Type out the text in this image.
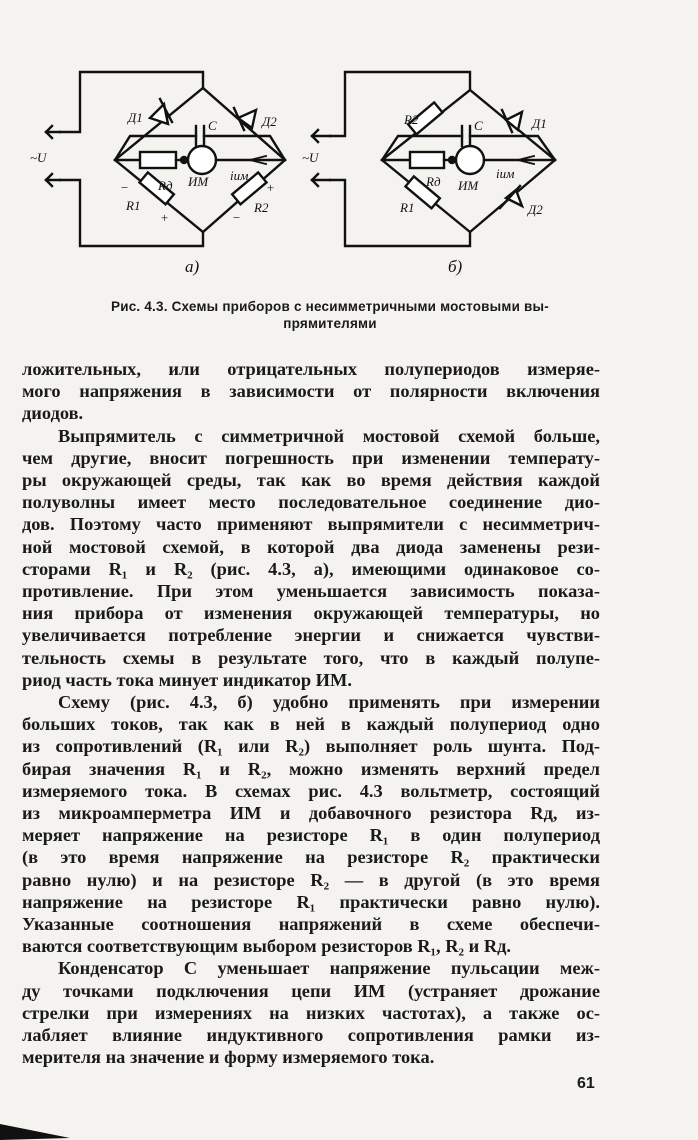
Д1	Д2
C
Rд ИМ iим
R1	R2
−
+	−
+
~U
а)
R2	C	Д1
Rд ИМ
iим
R1	Д2
~U
б)
Рис. 4.3. Схемы приборов с несимметричными мостовыми вы-
прямителями

ложительных, или отрицательных полупериодов измеряе-
мого напряжения в зависимости от полярности включения
диодов.

Выпрямитель с симметричной мостовой схемой больше,
чем другие, вносит погрешность при изменении температу-
ры окружающей среды, так как во время действия каждой
полуволны имеет место последовательное соединение дио-
дов. Поэтому часто применяют выпрямители с несимметрич-
ной мостовой схемой, в которой два диода заменены рези-
сторами R₁ и R₂ (рис. 4.3, а), имеющими одинаковое со-
противление. При этом уменьшается зависимость показа-
ния прибора от изменения окружающей температуры, но
увеличивается потребление энергии и снижается чувстви-
тельность схемы в результате того, что в каждый полупе-
риод часть тока минует индикатор ИМ.

Схему (рис. 4.3, б) удобно применять при измерении
больших токов, так как в ней в каждый полупериод одно
из сопротивлений (R₁ или R₂) выполняет роль шунта. Под-
бирая значения R₁ и R₂, можно изменять верхний предел
измеряемого тока. В схемах рис. 4.3 вольтметр, состоящий
из микроамперметра ИМ и добавочного резистора Rд, из-
меряет напряжение на резисторе R₁ в один полупериод
(в это время напряжение на резисторе R₂ практически
равно нулю) и на резисторе R₂ — в другой (в это время
напряжение на резисторе R₁ практически равно нулю).
Указанные соотношения напряжений в схеме обеспечи-
ваются соответствующим выбором резисторов R₁, R₂ и Rд.

Конденсатор C уменьшает напряжение пульсации меж-
ду точками подключения цепи ИМ (устраняет дрожание
стрелки при измерениях на низких частотах), а также ос-
лабляет влияние индуктивного сопротивления рамки из-
мерителя на значение и форму измеряемого тока.

61
